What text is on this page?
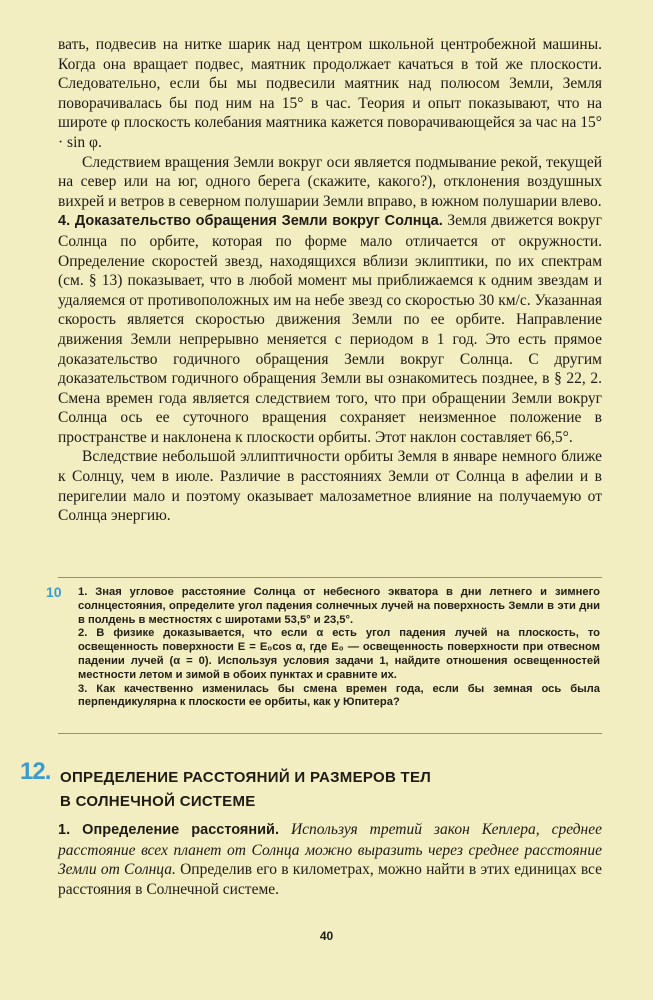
вать, подвесив на нитке шарик над центром школьной центробежной машины. Когда она вращает подвес, маятник продолжает качаться в той же плоскости. Следовательно, если бы мы подвесили маятник над полюсом Земли, Земля поворачивалась бы под ним на 15° в час. Теория и опыт показывают, что на широте φ плоскость колебания маятника кажется поворачивающейся за час на 15° · sin φ.

Следствием вращения Земли вокруг оси является подмывание рекой, текущей на север или на юг, одного берега (скажите, какого?), отклонения воздушных вихрей и ветров в северном полушарии Земли вправо, в южном полушарии влево.

4. Доказательство обращения Земли вокруг Солнца. Земля движется вокруг Солнца по орбите, которая по форме мало отличается от окружности. Определение скоростей звезд, находящихся вблизи эклиптики, по их спектрам (см. § 13) показывает, что в любой момент мы приближаемся к одним звездам и удаляемся от противоположных им на небе звезд со скоростью 30 км/с. Указанная скорость является скоростью движения Земли по ее орбите. Направление движения Земли непрерывно меняется с периодом в 1 год. Это есть прямое доказательство годичного обращения Земли вокруг Солнца. С другим доказательством годичного обращения Земли вы ознакомитесь позднее, в § 22, 2. Смена времен года является следствием того, что при обращении Земли вокруг Солнца ось ее суточного вращения сохраняет неизменное положение в пространстве и наклонена к плоскости орбиты. Этот наклон составляет 66,5°.

Вследствие небольшой эллиптичности орбиты Земля в январе немного ближе к Солнцу, чем в июле. Различие в расстояниях Земли от Солнца в афелии и в перигелии мало и поэтому оказывает малозаметное влияние на получаемую от Солнца энергию.

10 1. Зная угловое расстояние Солнца от небесного экватора в дни летнего и зимнего солнцестояния, определите угол падения солнечных лучей на поверхность Земли в эти дни в полдень в местностях с широтами 53,5° и 23,5°.

2. В физике доказывается, что если α есть угол падения лучей на плоскость, то освещенность поверхности E = E₀cos α, где E₀ — освещенность поверхности при отвесном падении лучей (α = 0). Используя условия задачи 1, найдите отношения освещенностей местности летом и зимой в обоих пунктах и сравните их.

3. Как качественно изменилась бы смена времен года, если бы земная ось была перпендикулярна к плоскости ее орбиты, как у Юпитера?

12. ОПРЕДЕЛЕНИЕ РАССТОЯНИЙ И РАЗМЕРОВ ТЕЛ
В СОЛНЕЧНОЙ СИСТЕМЕ

1. Определение расстояний. Используя третий закон Кеплера, среднее расстояние всех планет от Солнца можно выразить через среднее расстояние Земли от Солнца. Определив его в километрах, можно найти в этих единицах все расстояния в Солнечной системе.

40
